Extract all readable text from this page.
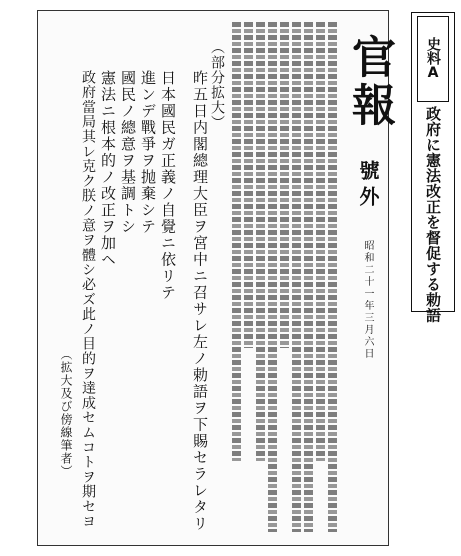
史料A
政府に憲法改正を督促する勅語
官報
號外
昭和二十一年三月六日
（部分拡大）
昨五日内閣總理大臣ヲ宮中ニ召サレ左ノ勅語ヲ下賜セラレタリ
日本國民ガ正義ノ自覺ニ依リテ
進ンデ戰爭ヲ抛棄シテ
國民ノ總意ヲ基調トシ
憲法ニ根本的ノ改正ヲ加ヘ
政府當局其レ克ク朕ノ意ヲ體シ必ズ此ノ目的ヲ達成セムコトヲ期セヨ
（拡大及び傍線筆者）
